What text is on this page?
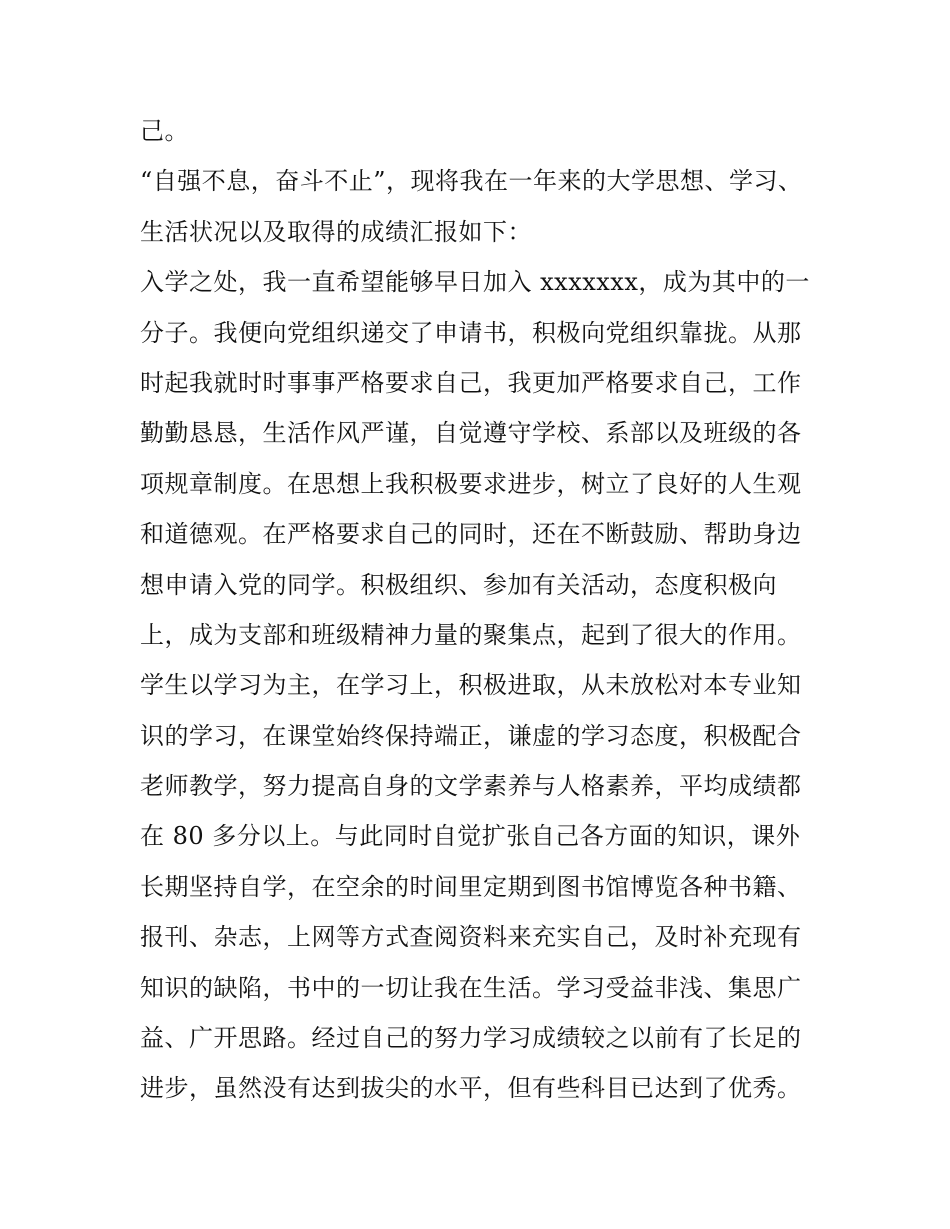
己。
“自强不息，奋斗不止”，现将我在一年来的大学思想、学习、
生活状况以及取得的成绩汇报如下：
入学之处，我一直希望能够早日加入 xxxxxxx，成为其中的一
分子。我便向党组织递交了申请书，积极向党组织靠拢。从那
时起我就时时事事严格要求自己，我更加严格要求自己，工作
勤勤恳恳，生活作风严谨，自觉遵守学校、系部以及班级的各
项规章制度。在思想上我积极要求进步，树立了良好的人生观
和道德观。在严格要求自己的同时，还在不断鼓励、帮助身边
想申请入党的同学。积极组织、参加有关活动，态度积极向
上，成为支部和班级精神力量的聚集点，起到了很大的作用。
学生以学习为主，在学习上，积极进取，从未放松对本专业知
识的学习，在课堂始终保持端正，谦虚的学习态度，积极配合
老师教学，努力提高自身的文学素养与人格素养，平均成绩都
在 80 多分以上。与此同时自觉扩张自己各方面的知识，课外
长期坚持自学，在空余的时间里定期到图书馆博览各种书籍、
报刊、杂志，上网等方式查阅资料来充实自己，及时补充现有
知识的缺陷，书中的一切让我在生活。学习受益非浅、集思广
益、广开思路。经过自己的努力学习成绩较之以前有了长足的
进步，虽然没有达到拔尖的水平，但有些科目已达到了优秀。
